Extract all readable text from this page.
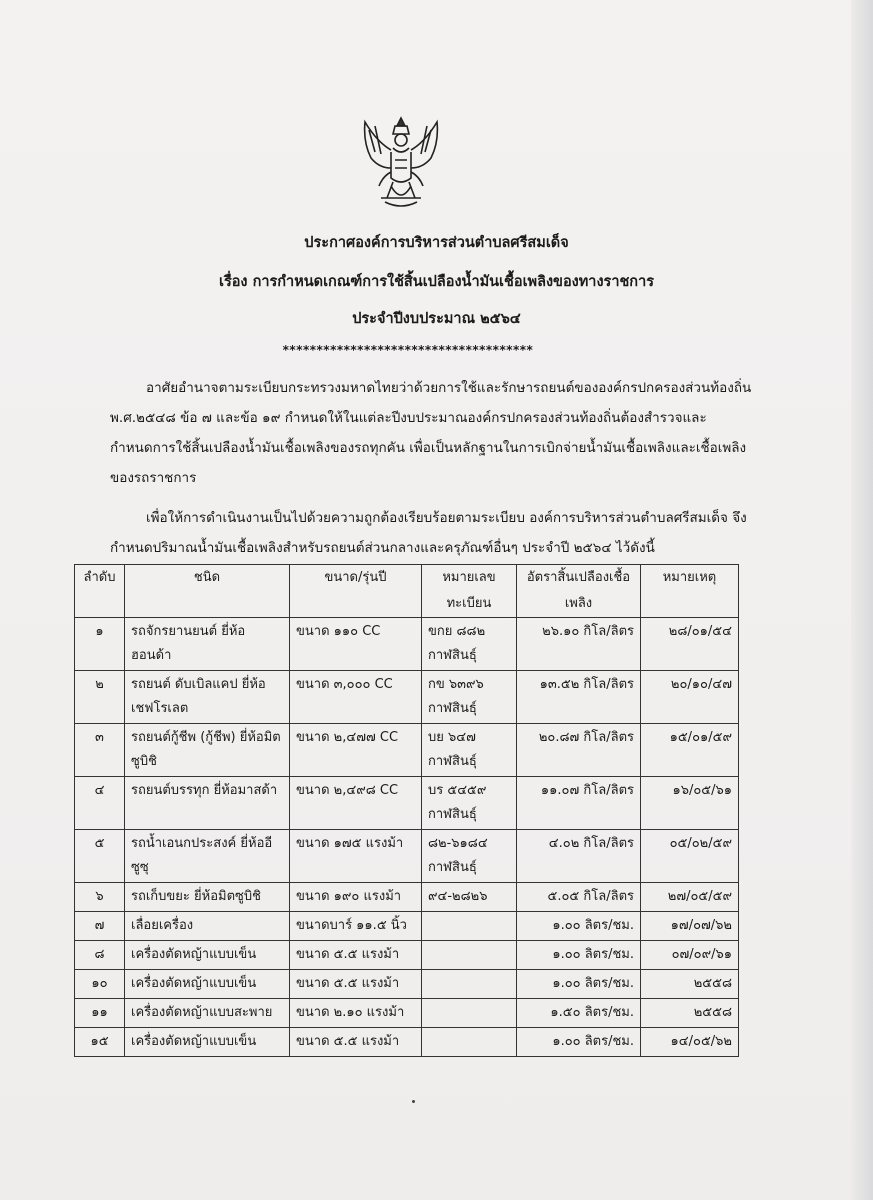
ประกาศองค์การบริหารส่วนตำบลศรีสมเด็จ
เรื่อง การกำหนดเกณฑ์การใช้สิ้นเปลืองน้ำมันเชื้อเพลิงของทางราชการ
ประจำปีงบประมาณ ๒๕๖๔
*************************************
อาศัยอำนาจตามระเบียบกระทรวงมหาดไทยว่าด้วยการใช้และรักษารถยนต์ขององค์กรปกครองส่วนท้องถิ่น พ.ศ.๒๕๔๘ ข้อ ๗ และข้อ ๑๙ กำหนดให้ในแต่ละปีงบประมาณองค์กรปกครองส่วนท้องถิ่นต้องสำรวจและกำหนดการใช้สิ้นเปลืองน้ำมันเชื้อเพลิงของรถทุกคัน เพื่อเป็นหลักฐานในการเบิกจ่ายน้ำมันเชื้อเพลิงและเชื้อเพลิงของรถราชการ
เพื่อให้การดำเนินงานเป็นไปด้วยความถูกต้องเรียบร้อยตามระเบียบ องค์การบริหารส่วนตำบลศรีสมเด็จ จึงกำหนดปริมาณน้ำมันเชื้อเพลิงสำหรับรถยนต์ส่วนกลางและครุภัณฑ์อื่นๆ ประจำปี ๒๕๖๔ ไว้ดังนี้
ลำดับ	ชนิด	ขนาด/รุ่นปี	หมายเลขทะเบียน	อัตราสิ้นเปลืองเชื้อเพลิง	หมายเหตุ
๑	รถจักรยานยนต์ ยี่ห้อฮอนด้า	ขนาด ๑๑๐ CC	ขกย ๘๘๒ กาฬสินธุ์	๒๖.๑๐ กิโล/ลิตร	๒๘/๐๑/๕๔
๒	รถยนต์ ดับเบิลแคป ยี่ห้อเชฟโรเลต	ขนาด ๓,๐๐๐ CC	กข ๖๓๙๖ กาฬสินธุ์	๑๓.๕๒ กิโล/ลิตร	๒๐/๑๐/๔๗
๓	รถยนต์กู้ชีพ (กู้ชีพ) ยี่ห้อมิตซูบิชิ	ขนาด ๒,๔๗๗ CC	บย ๖๔๗ กาฬสินธุ์	๒๐.๘๗ กิโล/ลิตร	๑๕/๐๑/๕๙
๔	รถยนต์บรรทุก ยี่ห้อมาสด้า	ขนาด ๒,๔๙๘ CC	บร ๕๔๕๙ กาฬสินธุ์	๑๑.๐๗ กิโล/ลิตร	๑๖/๐๕/๖๑
๕	รถน้ำเอนกประสงค์ ยี่ห้ออีซูซุ	ขนาด ๑๗๕ แรงม้า	๘๒-๖๑๘๔ กาฬสินธุ์	๔.๐๒ กิโล/ลิตร	๐๕/๐๒/๕๙
๖	รถเก็บขยะ ยี่ห้อมิตซูบิชิ	ขนาด ๑๙๐ แรงม้า	๙๔-๒๘๒๖	๕.๐๕ กิโล/ลิตร	๒๗/๐๕/๕๙
๗	เลื่อยเครื่อง	ขนาดบาร์ ๑๑.๕ นิ้ว		๑.๐๐ ลิตร/ชม.	๑๗/๐๗/๖๒
๘	เครื่องตัดหญ้าแบบเข็น	ขนาด ๕.๕ แรงม้า		๑.๐๐ ลิตร/ชม.	๐๗/๐๙/๖๑
๑๐	เครื่องตัดหญ้าแบบเข็น	ขนาด ๕.๕ แรงม้า		๑.๐๐ ลิตร/ชม.	๒๕๕๘
๑๑	เครื่องตัดหญ้าแบบสะพาย	ขนาด ๒.๑๐ แรงม้า		๑.๕๐ ลิตร/ชม.	๒๕๕๘
๑๕	เครื่องตัดหญ้าแบบเข็น	ขนาด ๕.๕ แรงม้า		๑.๐๐ ลิตร/ชม.	๑๔/๐๕/๖๒
